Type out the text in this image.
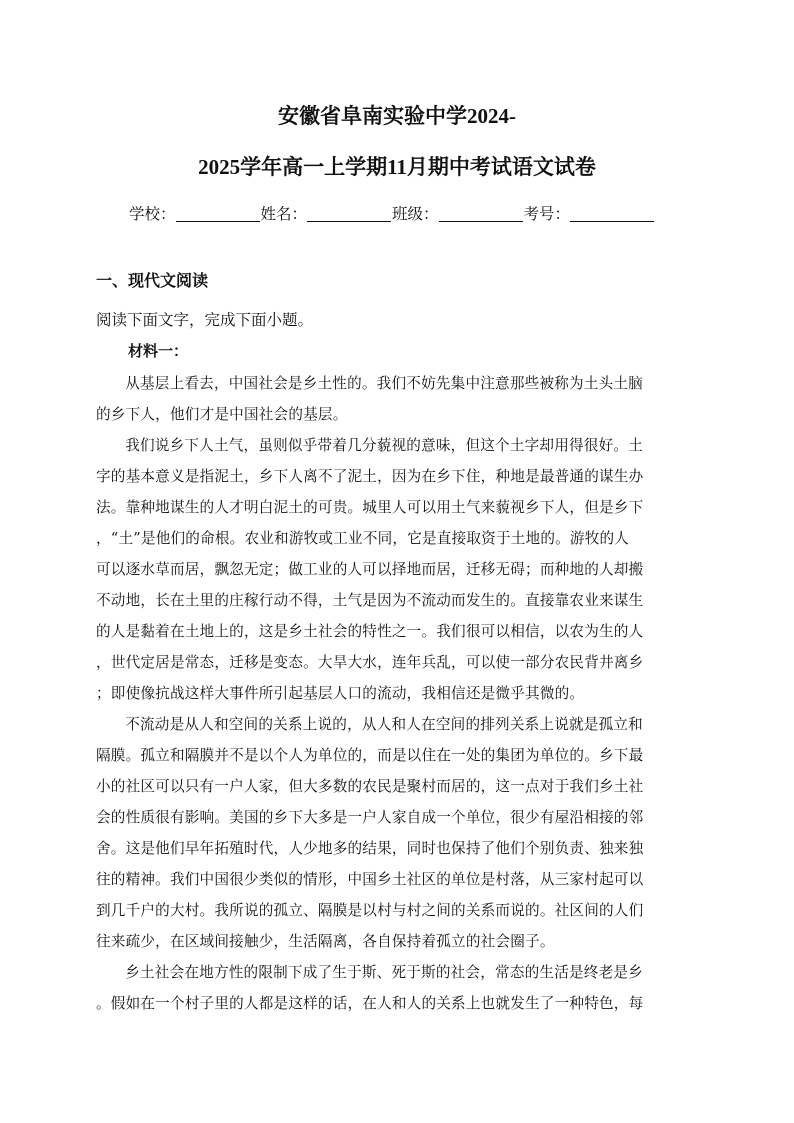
安徽省阜南实验中学2024-
2025学年高一上学期11月期中考试语文试卷
学校：	姓名：	班级：	考号：
一、现代文阅读
阅读下面文字，完成下面小题。
材料一：
从基层上看去，中国社会是乡土性的。我们不妨先集中注意那些被称为土头土脑
的乡下人，他们才是中国社会的基层。
我们说乡下人土气，虽则似乎带着几分藐视的意味，但这个土字却用得很好。土
字的基本意义是指泥土，乡下人离不了泥土，因为在乡下住，种地是最普通的谋生办
法。靠种地谋生的人才明白泥土的可贵。城里人可以用土气来藐视乡下人，但是乡下
，“土”是他们的命根。农业和游牧或工业不同，它是直接取资于土地的。游牧的人
可以逐水草而居，飘忽无定；做工业的人可以择地而居，迁移无碍；而种地的人却搬
不动地，长在土里的庄稼行动不得，土气是因为不流动而发生的。直接靠农业来谋生
的人是黏着在土地上的，这是乡土社会的特性之一。我们很可以相信，以农为生的人
，世代定居是常态，迁移是变态。大旱大水，连年兵乱，可以使一部分农民背井离乡
；即使像抗战这样大事件所引起基层人口的流动，我相信还是微乎其微的。
不流动是从人和空间的关系上说的，从人和人在空间的排列关系上说就是孤立和
隔膜。孤立和隔膜并不是以个人为单位的，而是以住在一处的集团为单位的。乡下最
小的社区可以只有一户人家，但大多数的农民是聚村而居的，这一点对于我们乡土社
会的性质很有影响。美国的乡下大多是一户人家自成一个单位，很少有屋沿相接的邻
舍。这是他们早年拓殖时代，人少地多的结果，同时也保持了他们个别负责、独来独
往的精神。我们中国很少类似的情形，中国乡土社区的单位是村落，从三家村起可以
到几千户的大村。我所说的孤立、隔膜是以村与村之间的关系而说的。社区间的人们
往来疏少，在区域间接触少，生活隔离，各自保持着孤立的社会圈子。
乡土社会在地方性的限制下成了生于斯、死于斯的社会，常态的生活是终老是乡
。假如在一个村子里的人都是这样的话，在人和人的关系上也就发生了一种特色，每
